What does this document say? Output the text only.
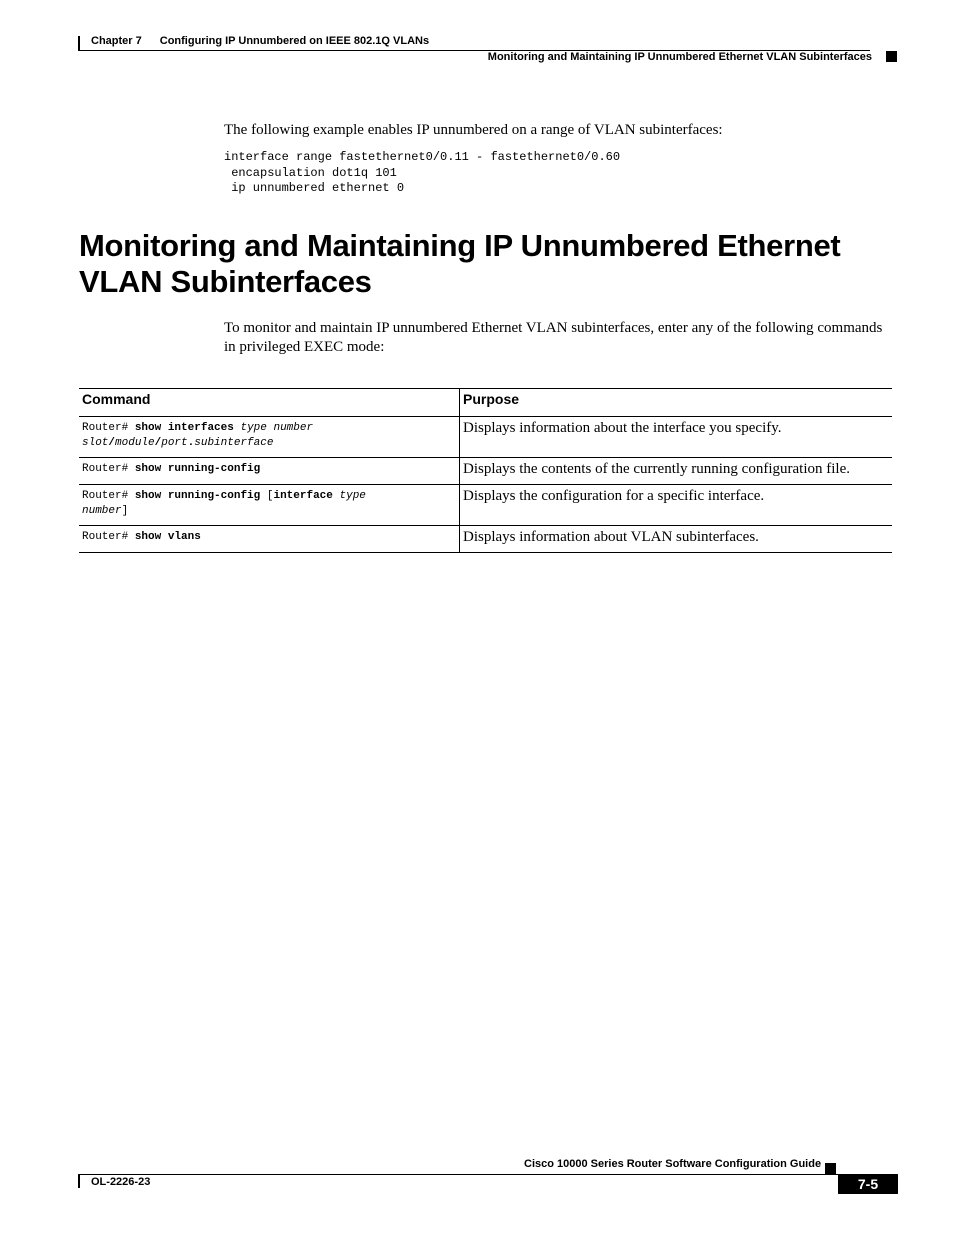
Chapter 7 Configuring IP Unnumbered on IEEE 802.1Q VLANs
Monitoring and Maintaining IP Unnumbered Ethernet VLAN Subinterfaces
The following example enables IP unnumbered on a range of VLAN subinterfaces:
interface range fastethernet0/0.11 - fastethernet0/0.60
encapsulation dot1q 101
ip unnumbered ethernet 0
Monitoring and Maintaining IP Unnumbered Ethernet VLAN Subinterfaces
To monitor and maintain IP unnumbered Ethernet VLAN subinterfaces, enter any of the following commands in privileged EXEC mode:
Command	Purpose
Router# show interfaces type number
slot/module/port.subinterface	Displays information about the interface you specify.
Router# show running-config	Displays the contents of the currently running configuration file.
Router# show running-config [interface type
number]	Displays the configuration for a specific interface.
Router# show vlans	Displays information about VLAN subinterfaces.
Cisco 10000 Series Router Software Configuration Guide
OL-2226-23	7-5
